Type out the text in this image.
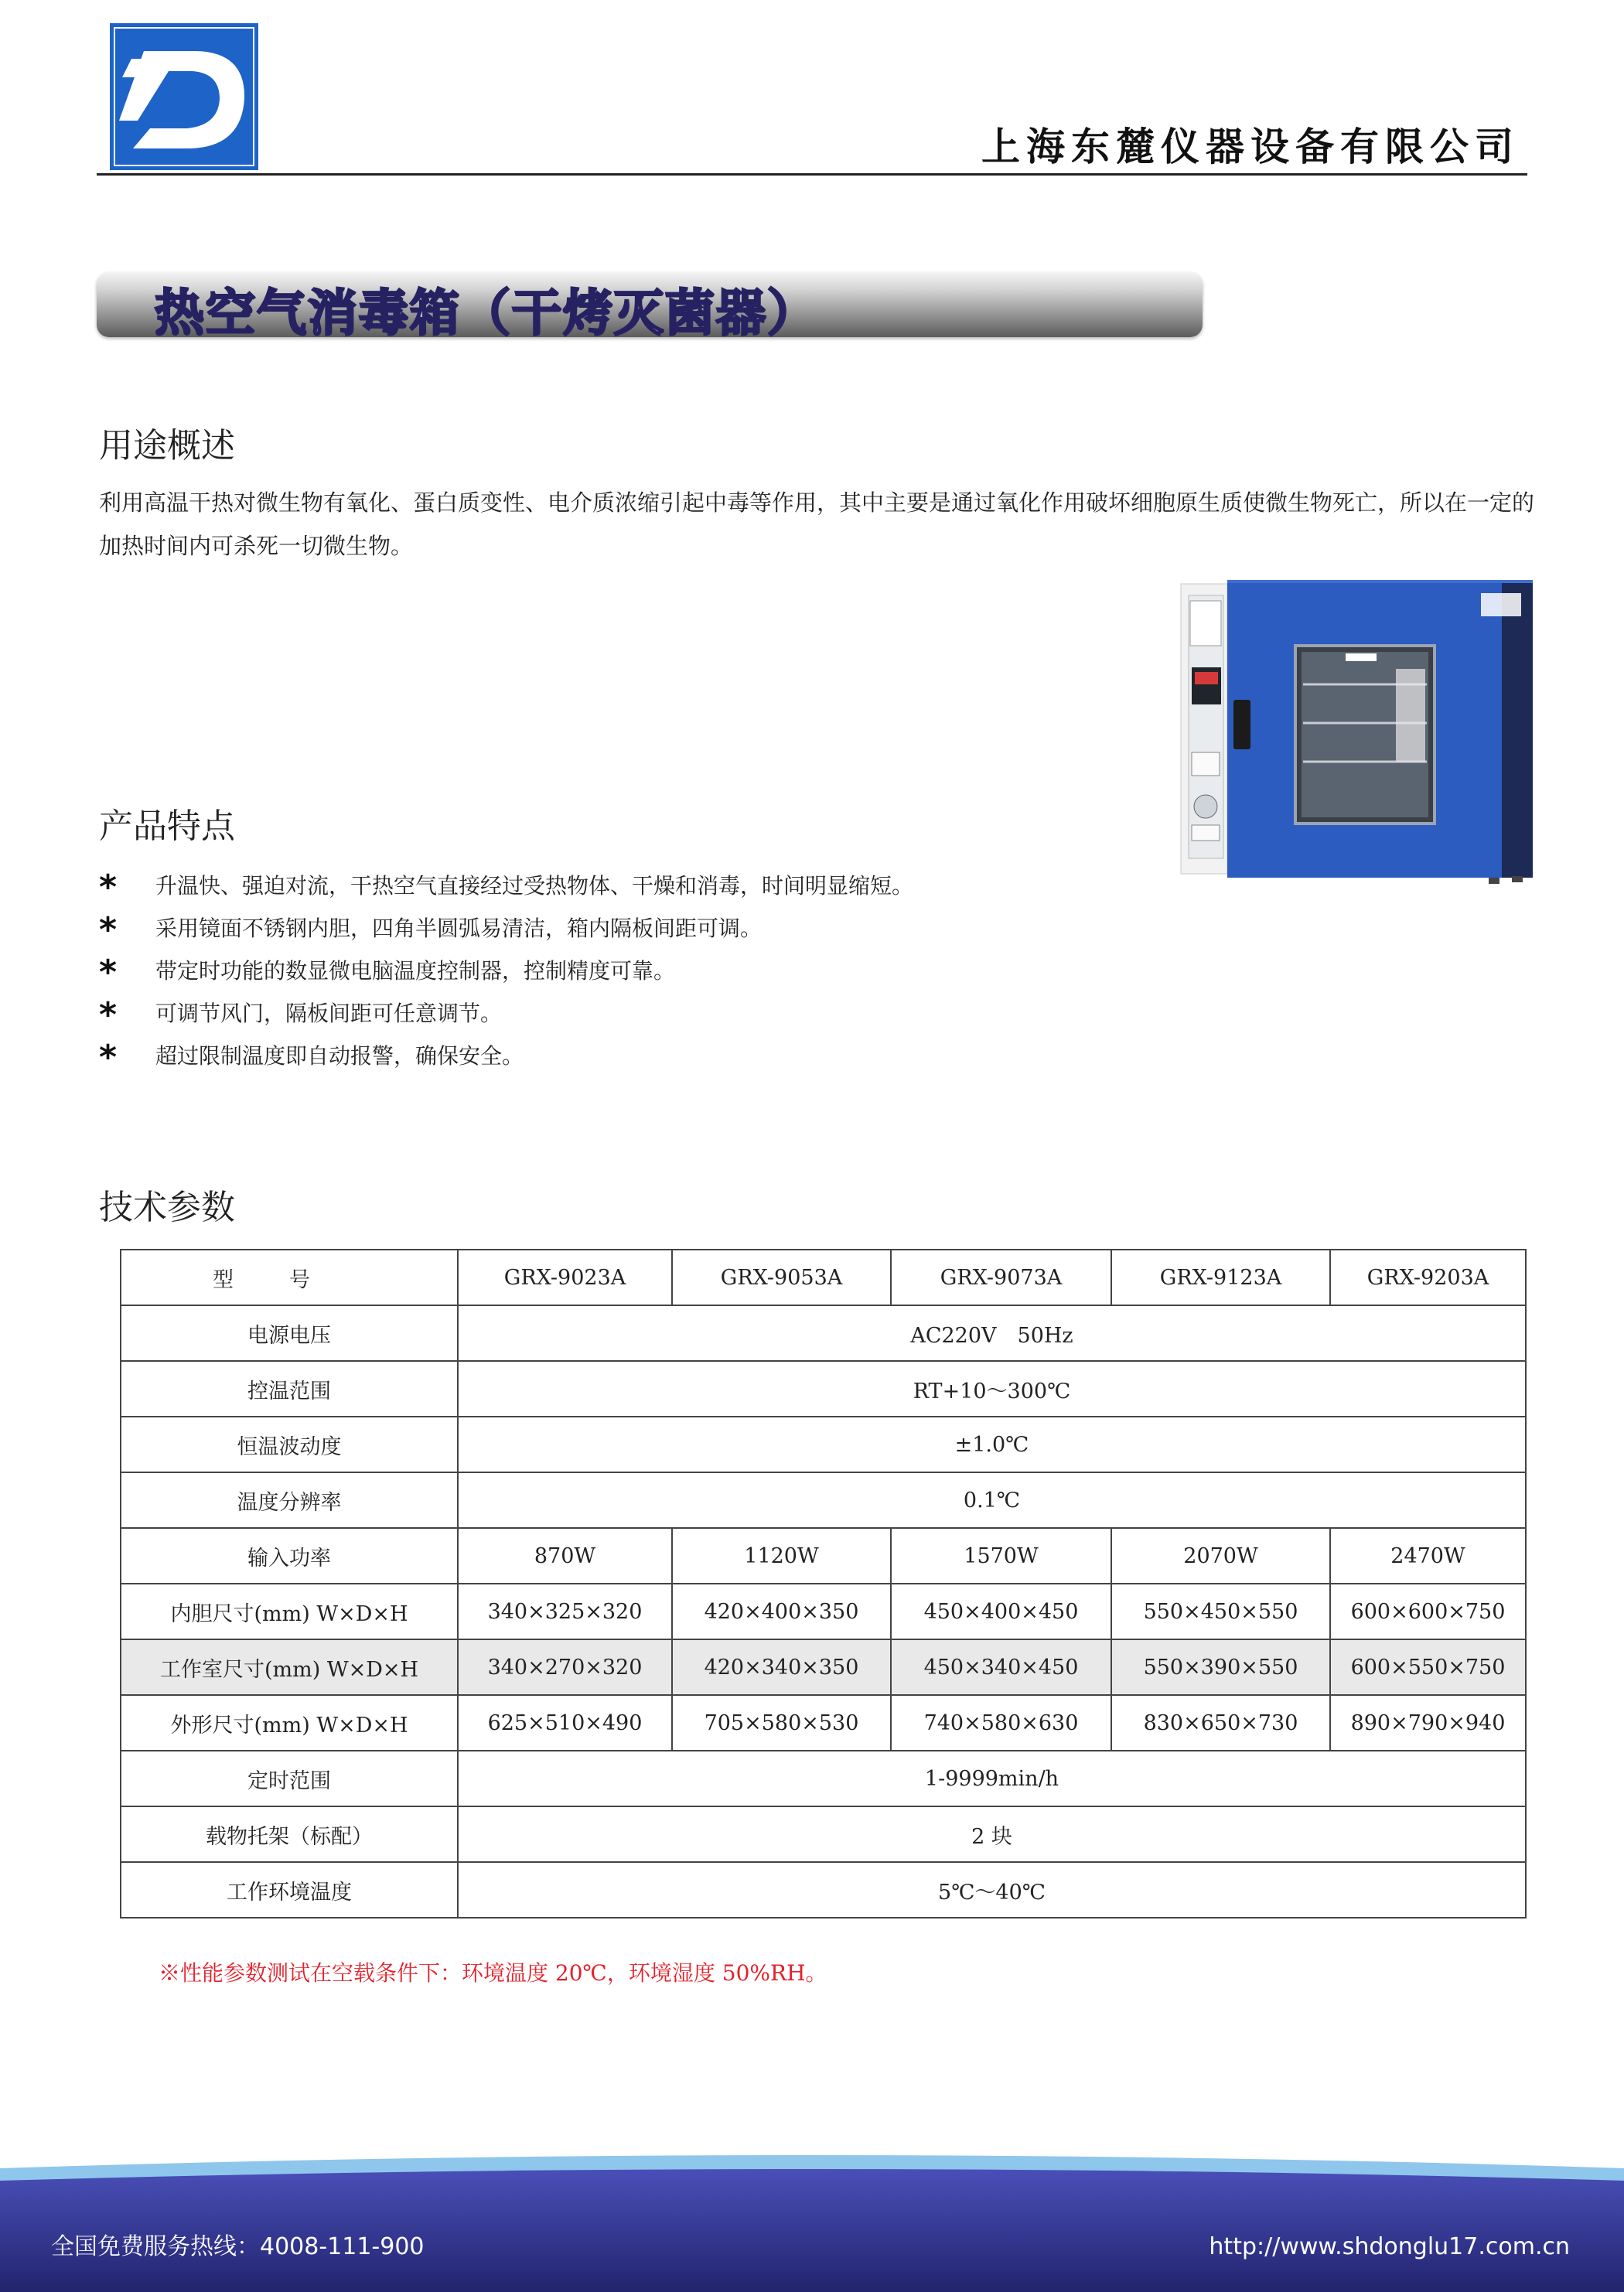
上海东麓仪器设备有限公司
热空气消毒箱（干烤灭菌器）
用途概述
利用高温干热对微生物有氧化、蛋白质变性、电介质浓缩引起中毒等作用，其中主要是通过氧化作用破坏细胞原生质使微生物死亡，所以在一定的加热时间内可杀死一切微生物。
产品特点
* 升温快、强迫对流，干热空气直接经过受热物体、干燥和消毒，时间明显缩短。
* 采用镜面不锈钢内胆，四角半圆弧易清洁，箱内隔板间距可调。
* 带定时功能的数显微电脑温度控制器，控制精度可靠。
* 可调节风门，隔板间距可任意调节。
* 超过限制温度即自动报警，确保安全。
技术参数
型号	GRX-9023A	GRX-9053A	GRX-9073A	GRX-9123A	GRX-9203A
电源电压	AC220V　50Hz				
控温范围	RT+10～300℃				
恒温波动度	±1.0℃				
温度分辨率	0.1℃				
输入功率	870W	1120W	1570W	2070W	2470W
内胆尺寸(mm) W×D×H	340×325×320	420×400×350	450×400×450	550×450×550	600×600×750
工作室尺寸(mm) W×D×H	340×270×320	420×340×350	450×340×450	550×390×550	600×550×750
外形尺寸(mm) W×D×H	625×510×490	705×580×530	740×580×630	830×650×730	890×790×940
定时范围	1-9999min/h				
载物托架（标配）	2 块				
工作环境温度	5℃～40℃				
※性能参数测试在空载条件下：环境温度 20℃，环境湿度 50%RH。
全国免费服务热线：4008-111-900	http://www.shdonglu17.com.cn
